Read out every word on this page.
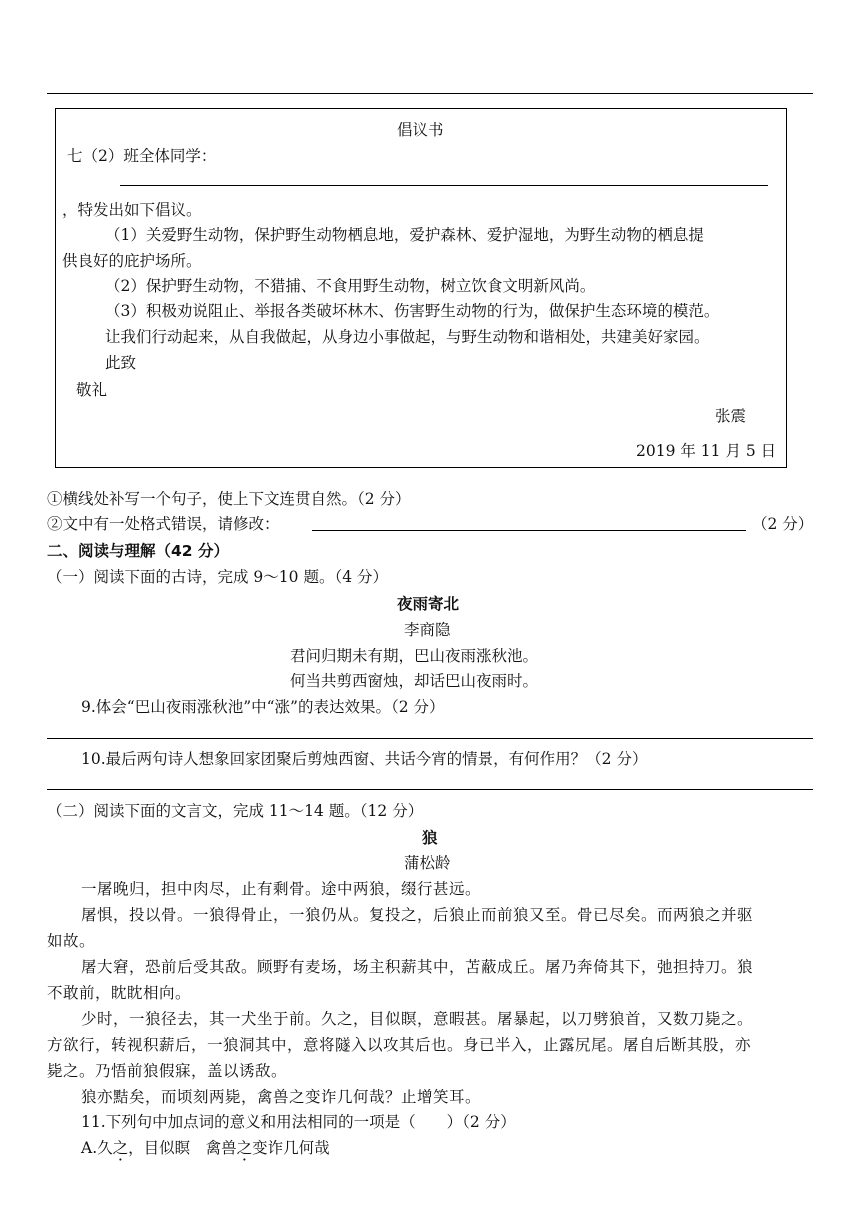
倡议书
七（2）班全体同学：
，特发出如下倡议。
（1）关爱野生动物，保护野生动物栖息地，爱护森林、爱护湿地，为野生动物的栖息提
供良好的庇护场所。
（2）保护野生动物，不猎捕、不食用野生动物，树立饮食文明新风尚。
（3）积极劝说阻止、举报各类破坏林木、伤害野生动物的行为，做保护生态环境的模范。
让我们行动起来，从自我做起，从身边小事做起，与野生动物和谐相处，共建美好家园。
此致
敬礼
张震
2019 年 11 月 5 日
①横线处补写一个句子，使上下文连贯自然。（2 分）
②文中有一处格式错误，请修改：	（2 分）
二、阅读与理解（42 分）
（一）阅读下面的古诗，完成 9～10 题。（4 分）
夜雨寄北
李商隐
君问归期未有期，巴山夜雨涨秋池。
何当共剪西窗烛，却话巴山夜雨时。
9.体会“巴山夜雨涨秋池”中“涨”的表达效果。（2 分）
10.最后两句诗人想象回家团聚后剪烛西窗、共话今宵的情景，有何作用？（2 分）
（二）阅读下面的文言文，完成 11～14 题。（12 分）
狼
蒲松龄
一屠晚归，担中肉尽，止有剩骨。途中两狼，缀行甚远。
屠惧，投以骨。一狼得骨止，一狼仍从。复投之，后狼止而前狼又至。骨已尽矣。而两狼之并驱
如故。
屠大窘，恐前后受其敌。顾野有麦场，场主积薪其中，苫蔽成丘。屠乃奔倚其下，弛担持刀。狼
不敢前，眈眈相向。
少时，一狼径去，其一犬坐于前。久之，目似瞑，意暇甚。屠暴起，以刀劈狼首，又数刀毙之。
方欲行，转视积薪后，一狼洞其中，意将隧入以攻其后也。身已半入，止露尻尾。屠自后断其股，亦
毙之。乃悟前狼假寐，盖以诱敌。
狼亦黠矣，而顷刻两毙，禽兽之变诈几何哉？止增笑耳。
11.下列句中加点词的意义和用法相同的一项是（　　）（2 分）
A.久之，目似瞑　禽兽之变诈几何哉
